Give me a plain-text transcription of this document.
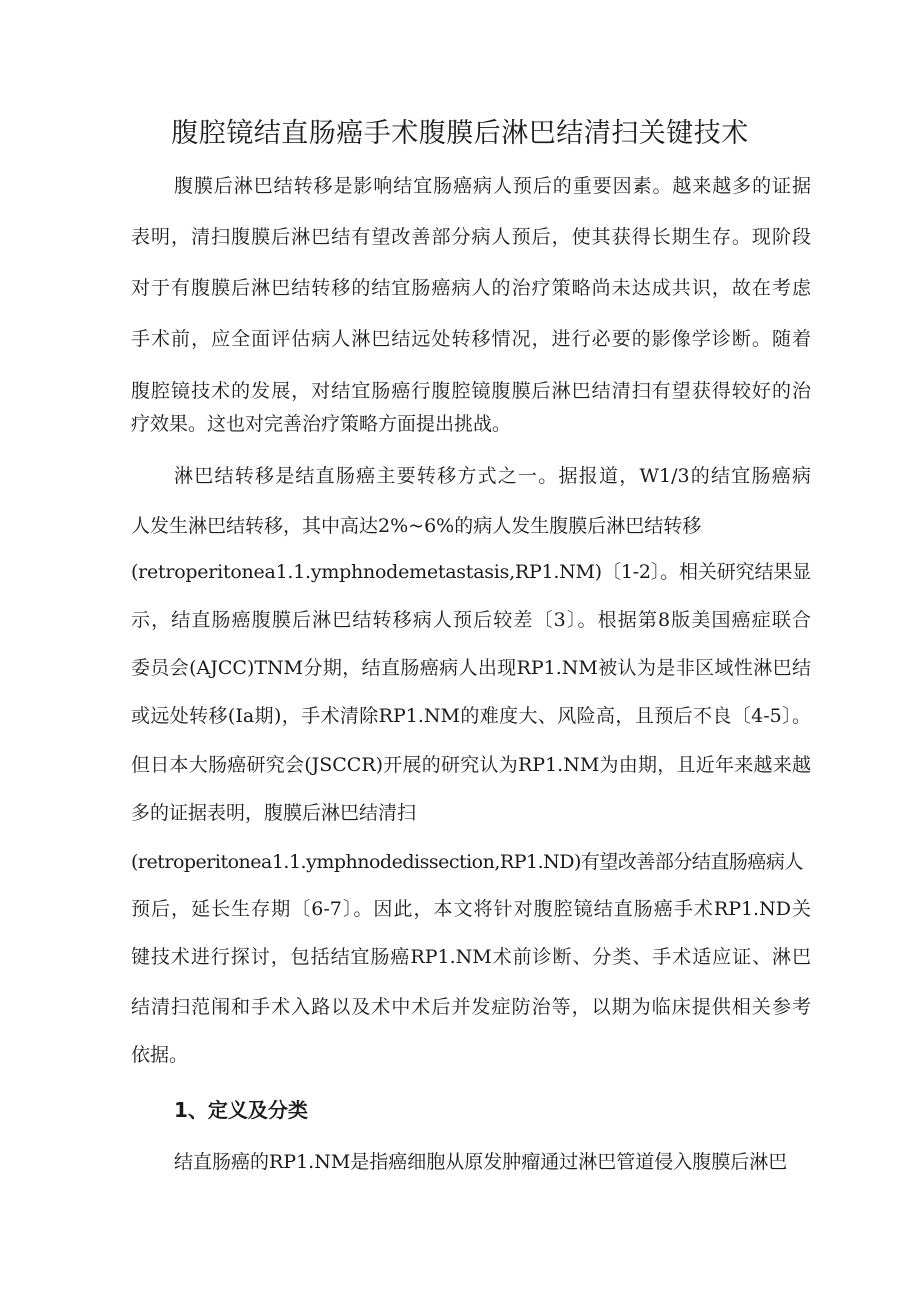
腹腔镜结直肠癌手术腹膜后淋巴结清扫关键技术
腹膜后淋巴结转移是影响结宜肠癌病人预后的重要因素。越来越多的证据
表明，清扫腹膜后淋巴结有望改善部分病人预后，使其获得长期生存。现阶段
对于有腹膜后淋巴结转移的结宜肠癌病人的治疗策略尚未达成共识，故在考虑
手术前，应全面评估病人淋巴结远处转移情况，进行必要的影像学诊断。随着
腹腔镜技术的发展，对结宜肠癌行腹腔镜腹膜后淋巴结清扫有望获得较好的治
疗效果。这也对完善治疗策略方面提出挑战。
淋巴结转移是结直肠癌主要转移方式之一。据报道，W1/3的结宜肠癌病
人发生淋巴结转移，其中高达2%~6%的病人发生腹膜后淋巴结转移
(retroperitonea1.1.ymphnodemetastasis,RP1.NM)〔1-2〕。相关研究结果显
示，结直肠癌腹膜后淋巴结转移病人预后较差〔3〕。根据第8版美国癌症联合
委员会(AJCC)TNM分期，结直肠癌病人出现RP1.NM被认为是非区域性淋巴结
或远处转移(Ia期)，手术清除RP1.NM的难度大、风险高，且预后不良〔4-5〕。
但日本大肠癌研究会(JSCCR)开展的研究认为RP1.NM为由期，且近年来越来越
多的证据表明，腹膜后淋巴结清扫
(retroperitonea1.1.ymphnodedissection,RP1.ND)有望改善部分结直肠癌病人
预后，延长生存期〔6-7〕。因此，本文将针对腹腔镜结直肠癌手术RP1.ND关
键技术进行探讨，包括结宜肠癌RP1.NM术前诊断、分类、手术适应证、淋巴
结清扫范闱和手术入路以及术中术后并发症防治等，以期为临床提供相关参考
依据。
1、定义及分类
结直肠癌的RP1.NM是指癌细胞从原发肿瘤通过淋巴管道侵入腹膜后淋巴
